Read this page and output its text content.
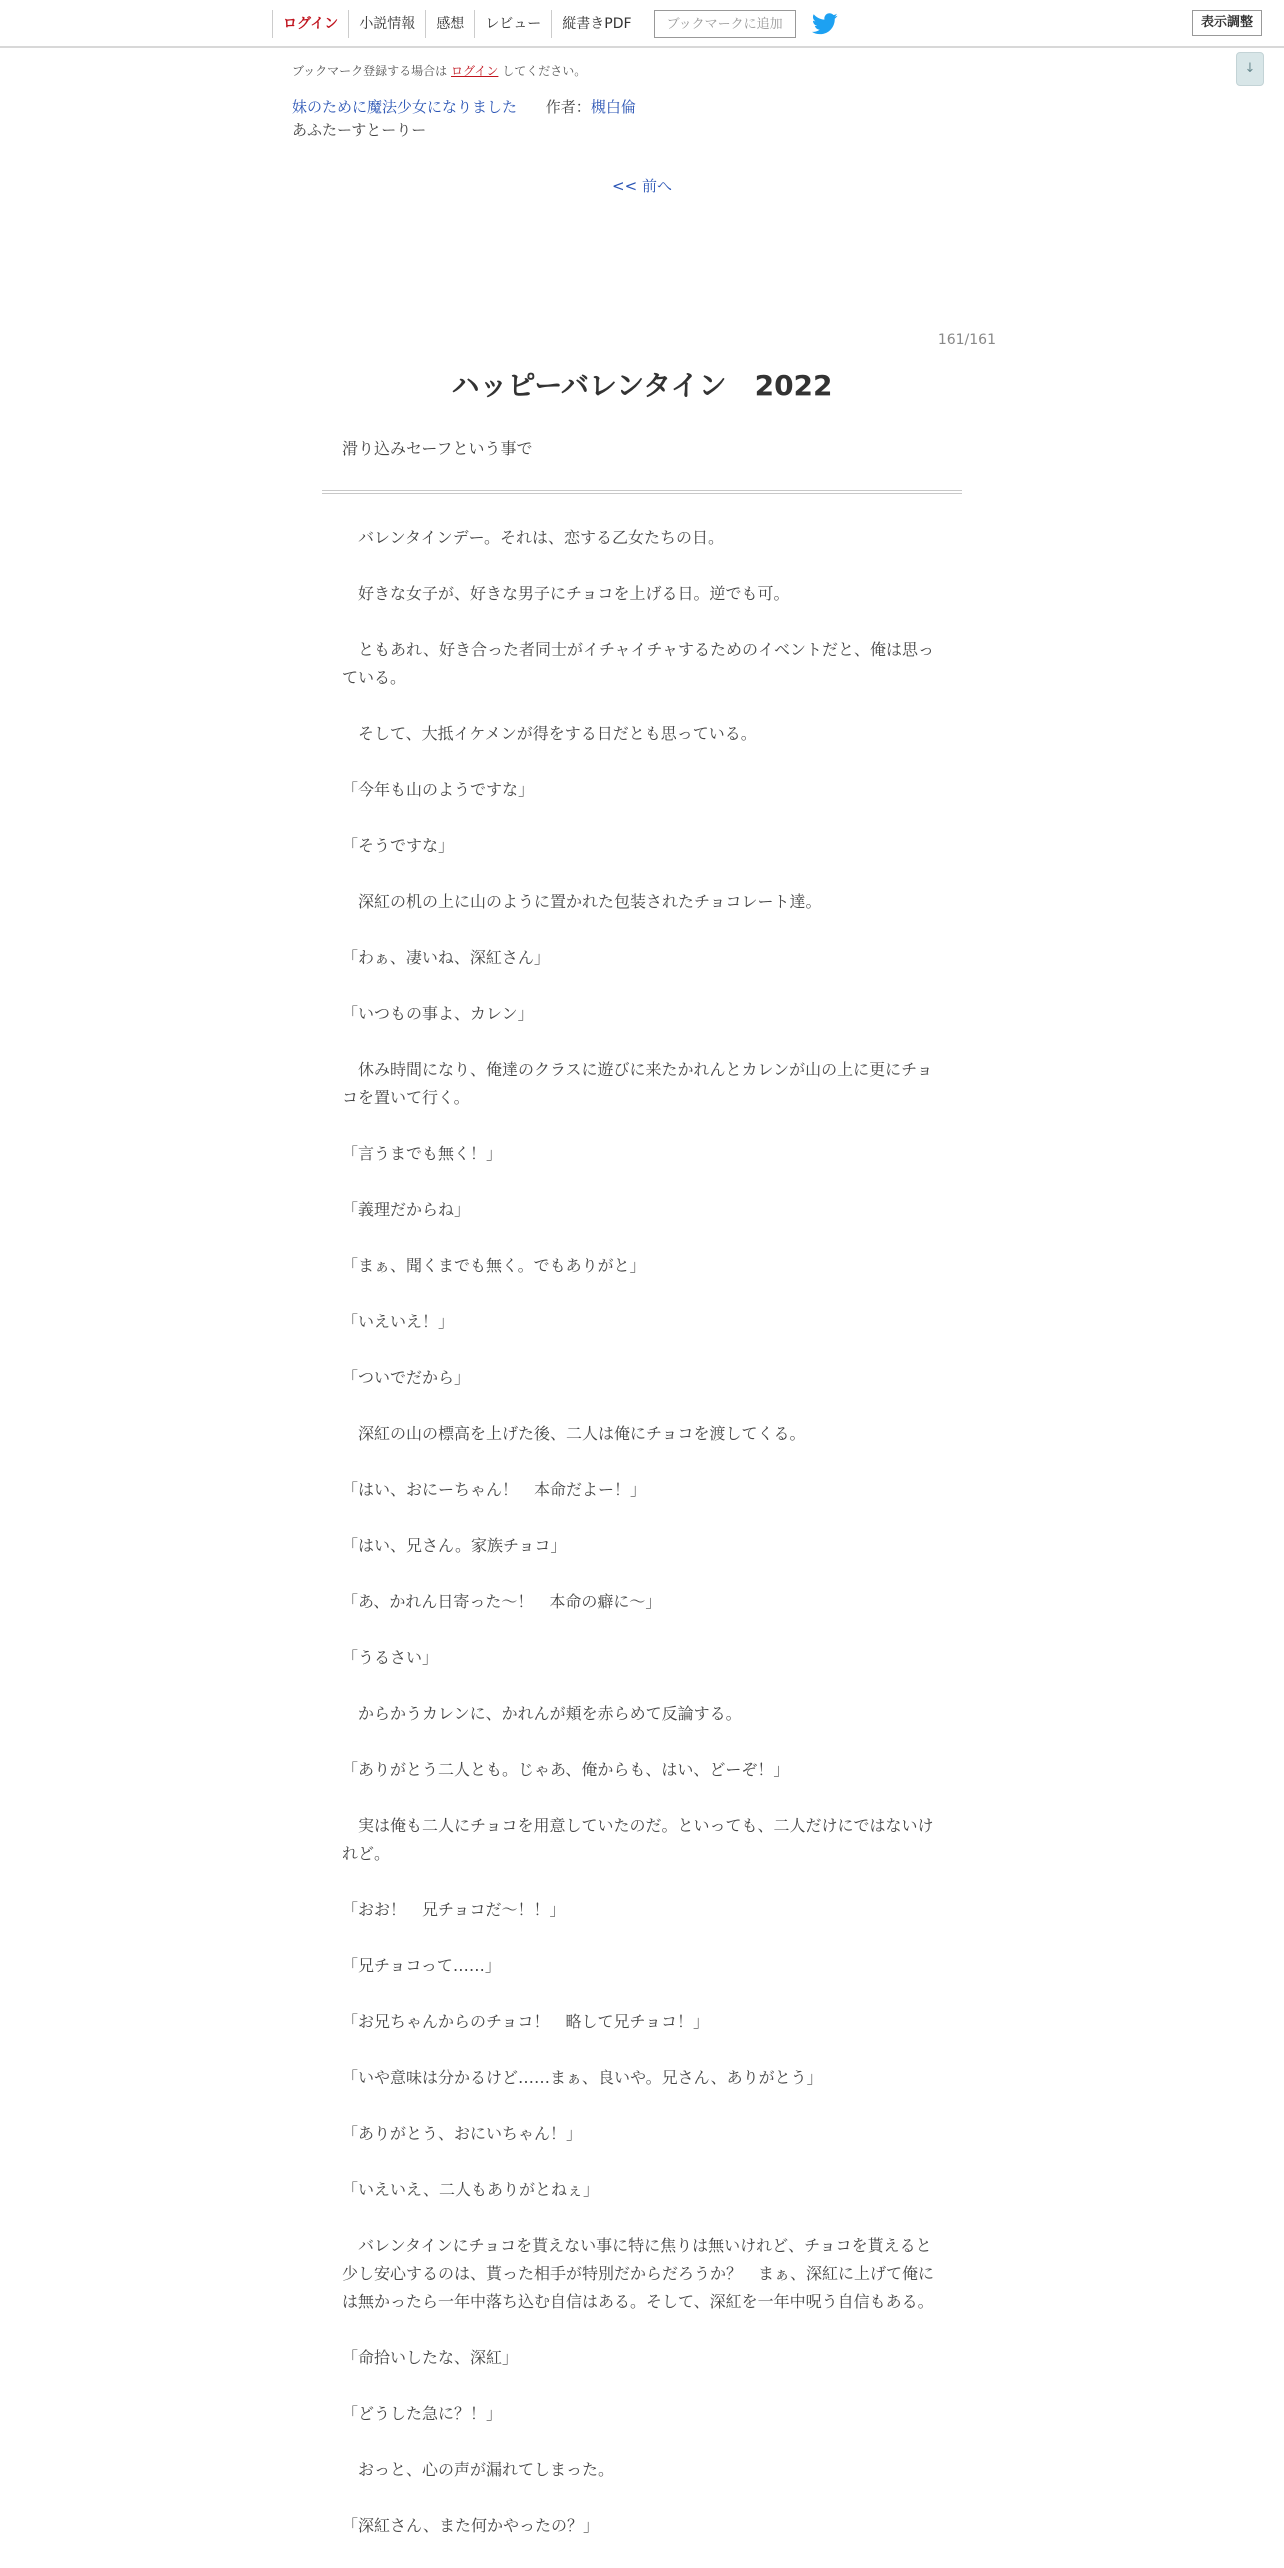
ログイン	小説情報	感想	レビュー	縦書きPDF	ブックマークに追加	表示調整
↓
ブックマーク登録する場合は ログイン してください。
妹のために魔法少女になりました 作者：槻白倫
あふたーすとーりー
<< 前へ
161/161
ハッピーバレンタイン　2022
滑り込みセーフという事で
　バレンタインデー。それは、恋する乙女たちの日。
　好きな女子が、好きな男子にチョコを上げる日。逆でも可。
　ともあれ、好き合った者同士がイチャイチャするためのイベントだと、俺は思っている。
　そして、大抵イケメンが得をする日だとも思っている。
「今年も山のようですな」
「そうですな」
　深紅の机の上に山のように置かれた包装されたチョコレート達。
「わぁ、凄いね、深紅さん」
「いつもの事よ、カレン」
　休み時間になり、俺達のクラスに遊びに来たかれんとカレンが山の上に更にチョコを置いて行く。
「言うまでも無く！」
「義理だからね」
「まぁ、聞くまでも無く。でもありがと」
「いえいえ！」
「ついでだから」
　深紅の山の標高を上げた後、二人は俺にチョコを渡してくる。
「はい、おにーちゃん！　本命だよー！」
「はい、兄さん。家族チョコ」
「あ、かれん日寄った～！　本命の癖に～」
「うるさい」
　からかうカレンに、かれんが頬を赤らめて反論する。
「ありがとう二人とも。じゃあ、俺からも、はい、どーぞ！」
　実は俺も二人にチョコを用意していたのだ。といっても、二人だけにではないけれど。
「おお！　兄チョコだ～！！」
「兄チョコって……」
「お兄ちゃんからのチョコ！　略して兄チョコ！」
「いや意味は分かるけど……まぁ、良いや。兄さん、ありがとう」
「ありがとう、おにいちゃん！」
「いえいえ、二人もありがとねぇ」
　バレンタインにチョコを貰えない事に特に焦りは無いけれど、チョコを貰えると少し安心するのは、貰った相手が特別だからだろうか？　まぁ、深紅に上げて俺には無かったら一年中落ち込む自信はある。そして、深紅を一年中呪う自信もある。
「命拾いしたな、深紅」
「どうした急に？！」
　おっと、心の声が漏れてしまった。
「深紅さん、また何かやったの？」
